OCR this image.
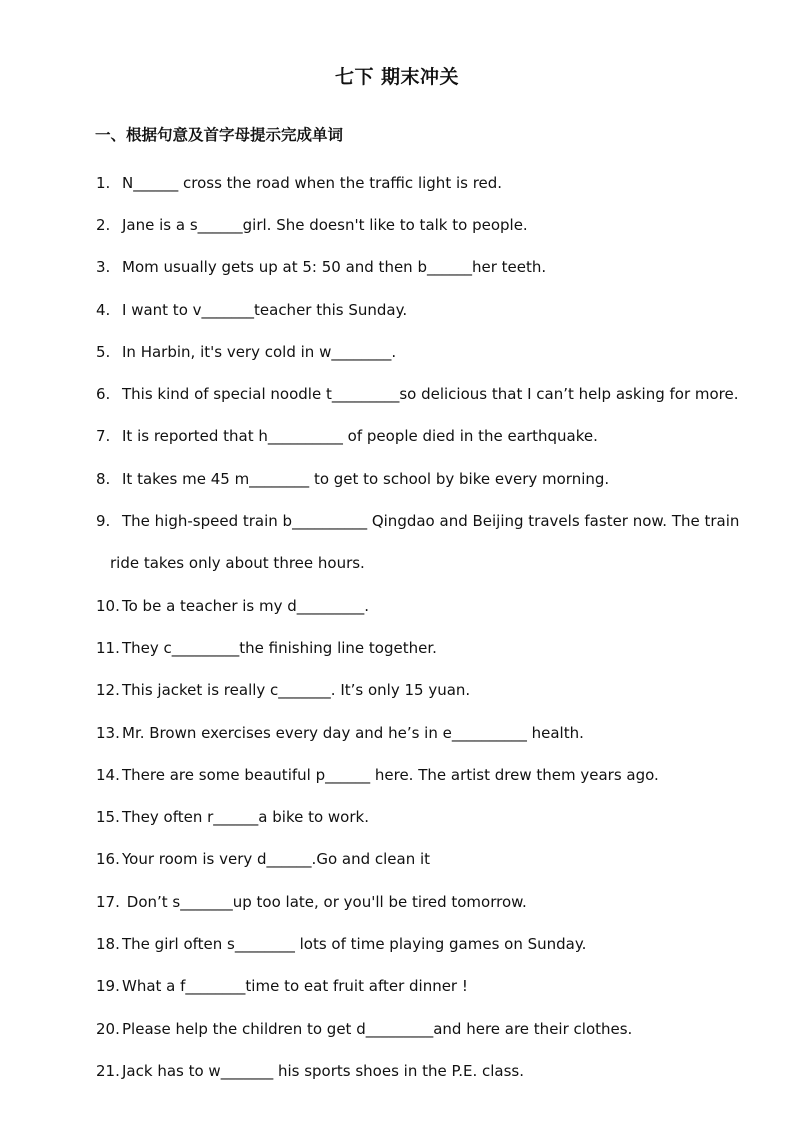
七下 期末冲关
一、根据句意及首字母提示完成单词
1. N______ cross the road when the traffic light is red.
2. Jane is a s______girl. She doesn't like to talk to people.
3. Mom usually gets up at 5: 50 and then b______her teeth.
4. I want to v_______teacher this Sunday.
5. In Harbin, it's very cold in w________.
6. This kind of special noodle t_________so delicious that I can’t help asking for more.
7. It is reported that h__________ of people died in the earthquake.
8. It takes me 45 m________ to get to school by bike every morning.
9. The high-speed train b__________ Qingdao and Beijing travels faster now. The train
ride takes only about three hours.
10. To be a teacher is my d_________.
11. They c_________the finishing line together.
12. This jacket is really c_______. It’s only 15 yuan.
13. Mr. Brown exercises every day and he’s in e__________ health.
14. There are some beautiful p______ here. The artist drew them years ago.
15. They often r______a bike to work.
16. Your room is very d______.Go and clean it
17. Don’t s_______up too late, or you'll be tired tomorrow.
18. The girl often s________ lots of time playing games on Sunday.
19. What a f________time to eat fruit after dinner !
20. Please help the children to get d_________and here are their clothes.
21. Jack has to w_______ his sports shoes in the P.E. class.
